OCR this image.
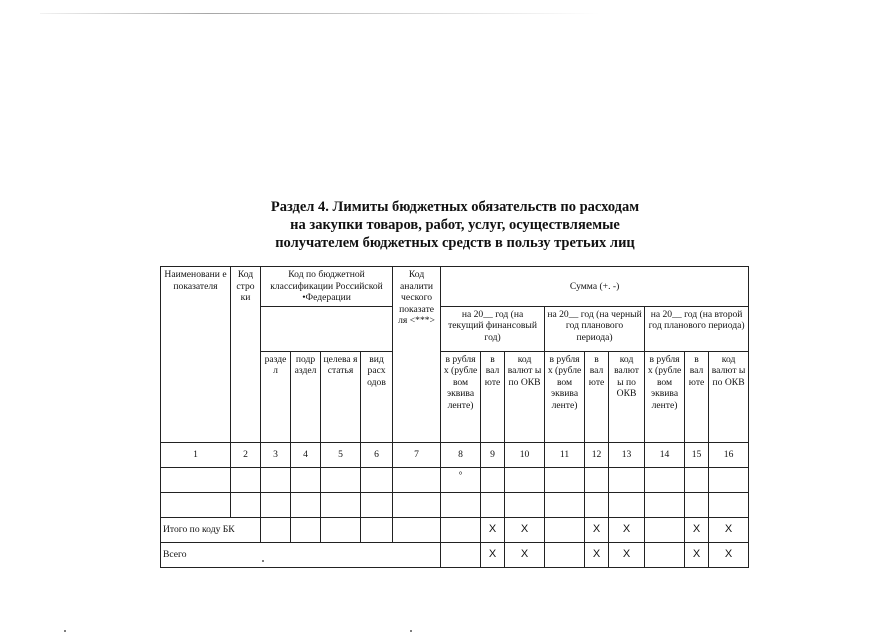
Раздел 4. Лимиты бюджетных обязательств по расходам
на закупки товаров, работ, услуг, осуществляемые
получателем бюджетных средств в пользу третьих лиц
Наименовани е показателя	Код стро ки	Код по бюджетной классификации Российской •Федерации				Код аналити ческого показате ля <***>	Сумма (+. -)								
							на 20__ год (на текущий финансовый год)			на 20__ год (на черный год планового периода)			на 20__ год (на второй год планового периода)		
		разде л	подр аздел	целева я статья	вид расх одов		в рубля х (рубле вом эквива ленте)	в вал юте	код валют ы по ОКВ	в рубля х (рубле вом эквива ленте)	в вал юте	код валют ы по ОКВ	в рубля х (рубле вом эквива ленте)	в вал юте	код валют ы по ОКВ
1	2	3	4	5	6	7	8	9	10	11	12	13	14	15	16
							°								

Итого по коду БК								X	X		X	X		X	X
Всего								X	X		X	X		X	X
